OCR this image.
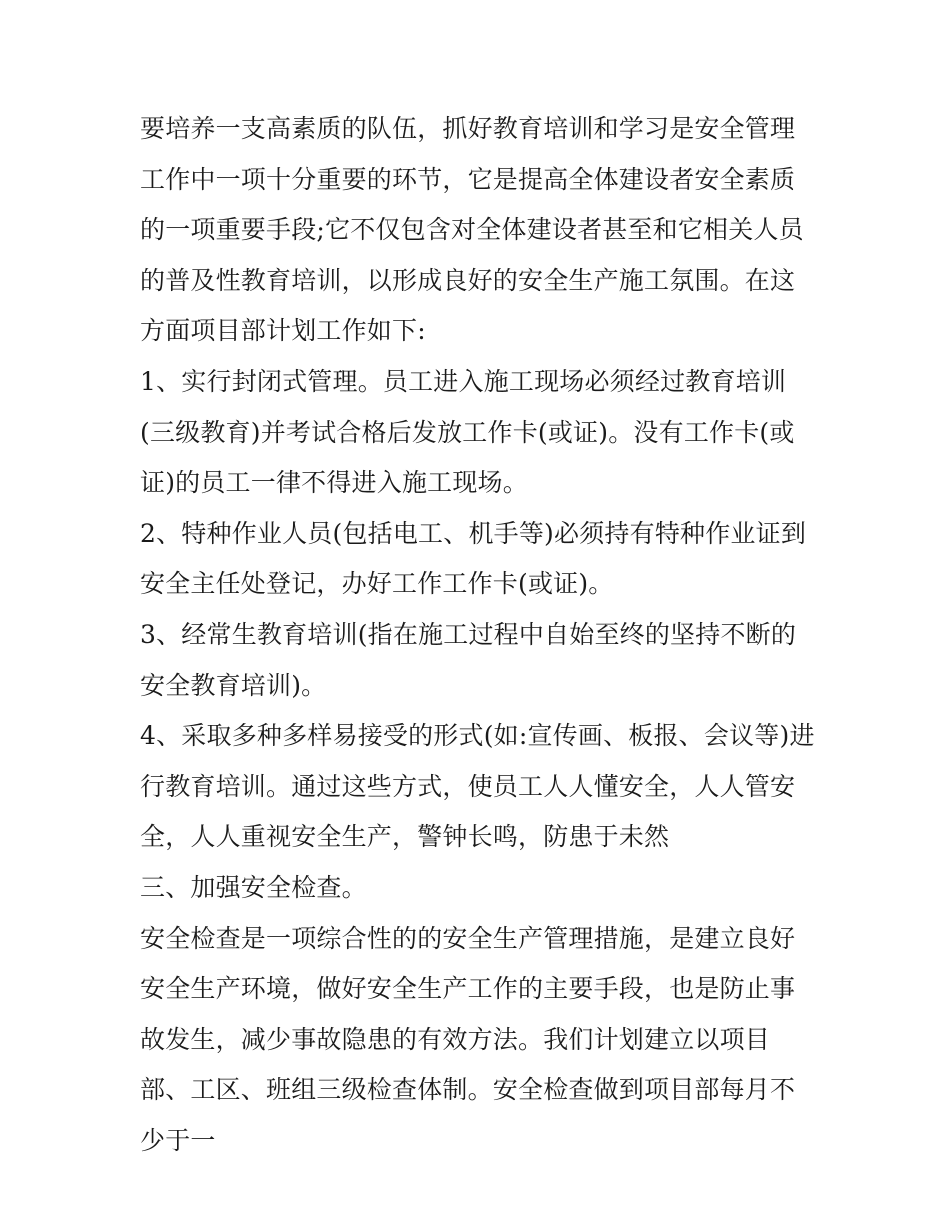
要培养一支高素质的队伍，抓好教育培训和学习是安全管理工作中一项十分重要的环节，它是提高全体建设者安全素质的一项重要手段;它不仅包含对全体建设者甚至和它相关人员的普及性教育培训，以形成良好的安全生产施工氛围。在这方面项目部计划工作如下:

1、实行封闭式管理。员工进入施工现场必须经过教育培训(三级教育)并考试合格后发放工作卡(或证)。没有工作卡(或证)的员工一律不得进入施工现场。

2、特种作业人员(包括电工、机手等)必须持有特种作业证到安全主任处登记，办好工作工作卡(或证)。

3、经常生教育培训(指在施工过程中自始至终的坚持不断的安全教育培训)。

4、采取多种多样易接受的形式(如:宣传画、板报、会议等)进行教育培训。通过这些方式，使员工人人懂安全，人人管安全，人人重视安全生产，警钟长鸣，防患于未然

三、加强安全检查。

安全检查是一项综合性的的安全生产管理措施，是建立良好安全生产环境，做好安全生产工作的主要手段，也是防止事故发生，减少事故隐患的有效方法。我们计划建立以项目部、工区、班组三级检查体制。安全检查做到项目部每月不少于一
